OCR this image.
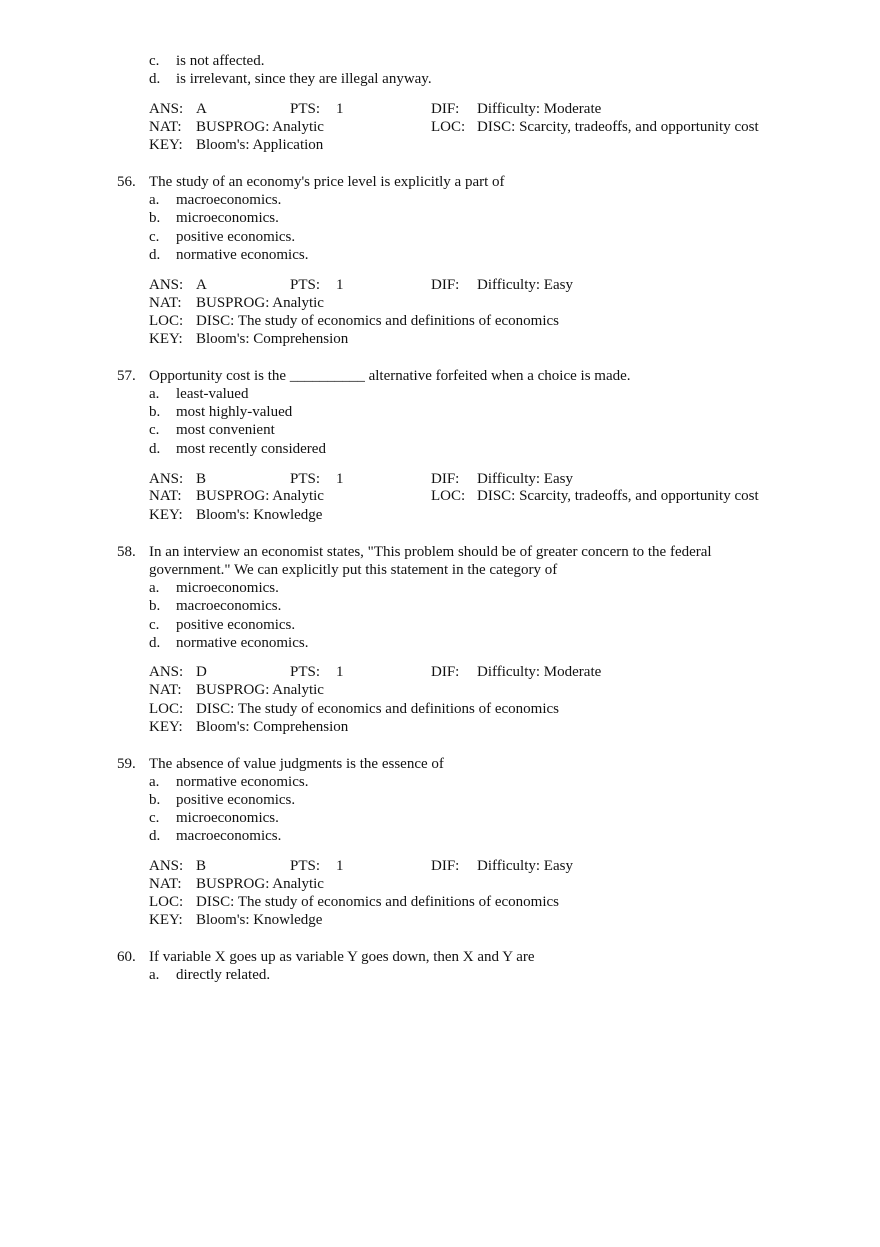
c. is not affected.
d. is irrelevant, since they are illegal anyway.
ANS: A	PTS: 1	DIF: Difficulty: Moderate
NAT: BUSPROG: Analytic	LOC: DISC: Scarcity, tradeoffs, and opportunity cost
KEY: Bloom's: Application
56. The study of an economy's price level is explicitly a part of
a. macroeconomics.
b. microeconomics.
c. positive economics.
d. normative economics.
ANS: A	PTS: 1	DIF: Difficulty: Easy
NAT: BUSPROG: Analytic
LOC: DISC: The study of economics and definitions of economics
KEY: Bloom's: Comprehension
57. Opportunity cost is the __________ alternative forfeited when a choice is made.
a. least-valued
b. most highly-valued
c. most convenient
d. most recently considered
ANS: B	PTS: 1	DIF: Difficulty: Easy
NAT: BUSPROG: Analytic	LOC: DISC: Scarcity, tradeoffs, and opportunity cost
KEY: Bloom's: Knowledge
58. In an interview an economist states, "This problem should be of greater concern to the federal
government." We can explicitly put this statement in the category of
a. microeconomics.
b. macroeconomics.
c. positive economics.
d. normative economics.
ANS: D	PTS: 1	DIF: Difficulty: Moderate
NAT: BUSPROG: Analytic
LOC: DISC: The study of economics and definitions of economics
KEY: Bloom's: Comprehension
59. The absence of value judgments is the essence of
a. normative economics.
b. positive economics.
c. microeconomics.
d. macroeconomics.
ANS: B	PTS: 1	DIF: Difficulty: Easy
NAT: BUSPROG: Analytic
LOC: DISC: The study of economics and definitions of economics
KEY: Bloom's: Knowledge
60. If variable X goes up as variable Y goes down, then X and Y are
a. directly related.
